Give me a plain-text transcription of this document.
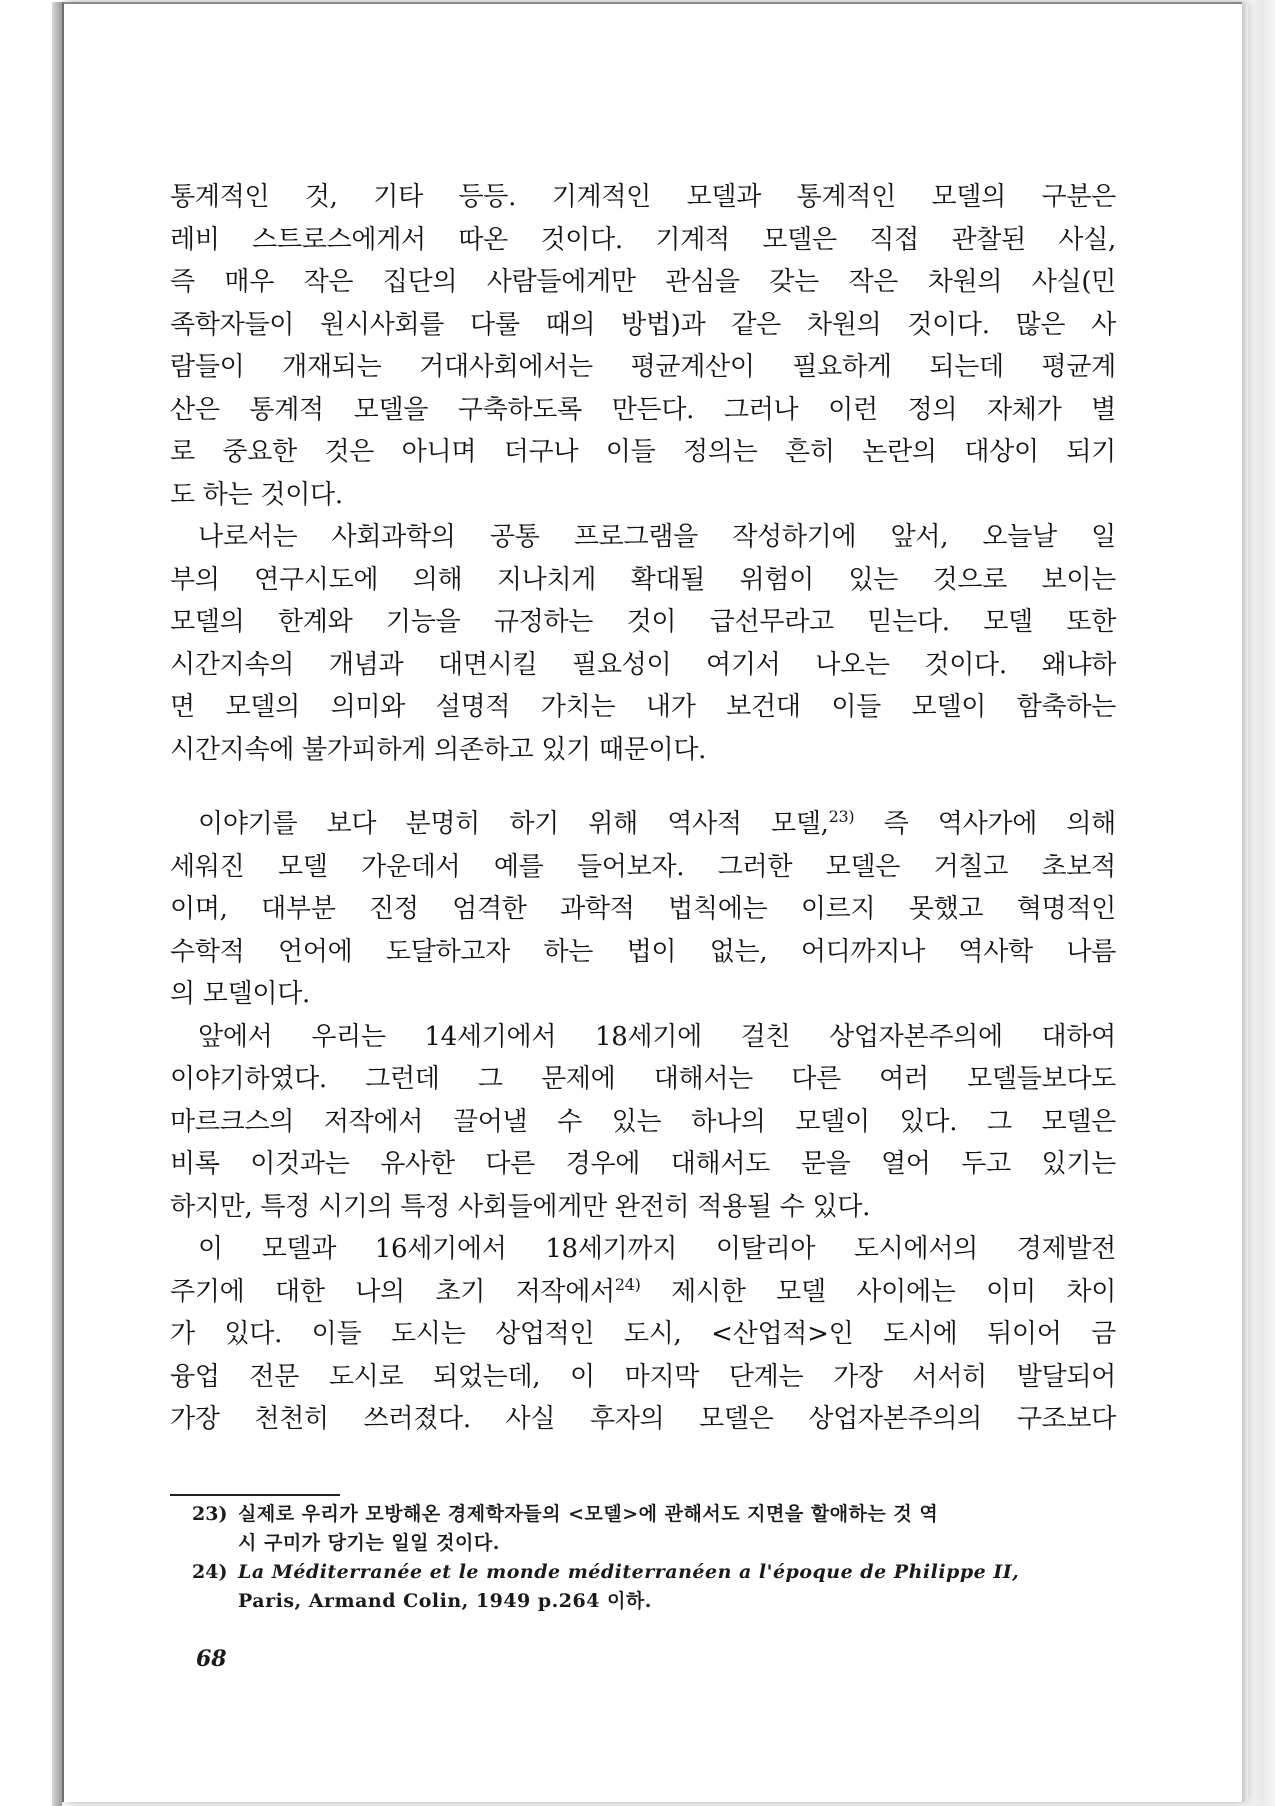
통계적인 것, 기타 등등. 기계적인 모델과 통계적인 모델의 구분은
레비 스트로스에게서 따온 것이다. 기계적 모델은 직접 관찰된 사실,
즉 매우 작은 집단의 사람들에게만 관심을 갖는 작은 차원의 사실(민
족학자들이 원시사회를 다룰 때의 방법)과 같은 차원의 것이다. 많은 사
람들이 개재되는 거대사회에서는 평균계산이 필요하게 되는데 평균계
산은 통계적 모델을 구축하도록 만든다. 그러나 이런 정의 자체가 별
로 중요한 것은 아니며 더구나 이들 정의는 흔히 논란의 대상이 되기
도 하는 것이다.
나로서는 사회과학의 공통 프로그램을 작성하기에 앞서, 오늘날 일
부의 연구시도에 의해 지나치게 확대될 위험이 있는 것으로 보이는
모델의 한계와 기능을 규정하는 것이 급선무라고 믿는다. 모델 또한
시간지속의 개념과 대면시킬 필요성이 여기서 나오는 것이다. 왜냐하
면 모델의 의미와 설명적 가치는 내가 보건대 이들 모델이 함축하는
시간지속에 불가피하게 의존하고 있기 때문이다.
이야기를 보다 분명히 하기 위해 역사적 모델,$^{23)}$ 즉 역사가에 의해
세워진 모델 가운데서 예를 들어보자. 그러한 모델은 거칠고 초보적
이며, 대부분 진정 엄격한 과학적 법칙에는 이르지 못했고 혁명적인
수학적 언어에 도달하고자 하는 법이 없는, 어디까지나 역사학 나름
의 모델이다.
앞에서 우리는 14세기에서 18세기에 걸친 상업자본주의에 대하여
이야기하였다. 그런데 그 문제에 대해서는 다른 여러 모델들보다도
마르크스의 저작에서 끌어낼 수 있는 하나의 모델이 있다. 그 모델은
비록 이것과는 유사한 다른 경우에 대해서도 문을 열어 두고 있기는
하지만, 특정 시기의 특정 사회들에게만 완전히 적용될 수 있다.
이 모델과 16세기에서 18세기까지 이탈리아 도시에서의 경제발전
주기에 대한 나의 초기 저작에서$^{24)}$ 제시한 모델 사이에는 이미 차이
가 있다. 이들 도시는 상업적인 도시, <산업적>인 도시에 뒤이어 금
융업 전문 도시로 되었는데, 이 마지막 단계는 가장 서서히 발달되어
가장 천천히 쓰러졌다. 사실 후자의 모델은 상업자본주의의 구조보다
23) 실제로 우리가 모방해온 경제학자들의 <모델>에 관해서도 지면을 할애하는 것 역
시 구미가 당기는 일일 것이다.
24) La Méditerranée et le monde méditerranéen a l'époque de Philippe II,
Paris, Armand Colin, 1949 p.264 이하.
68
